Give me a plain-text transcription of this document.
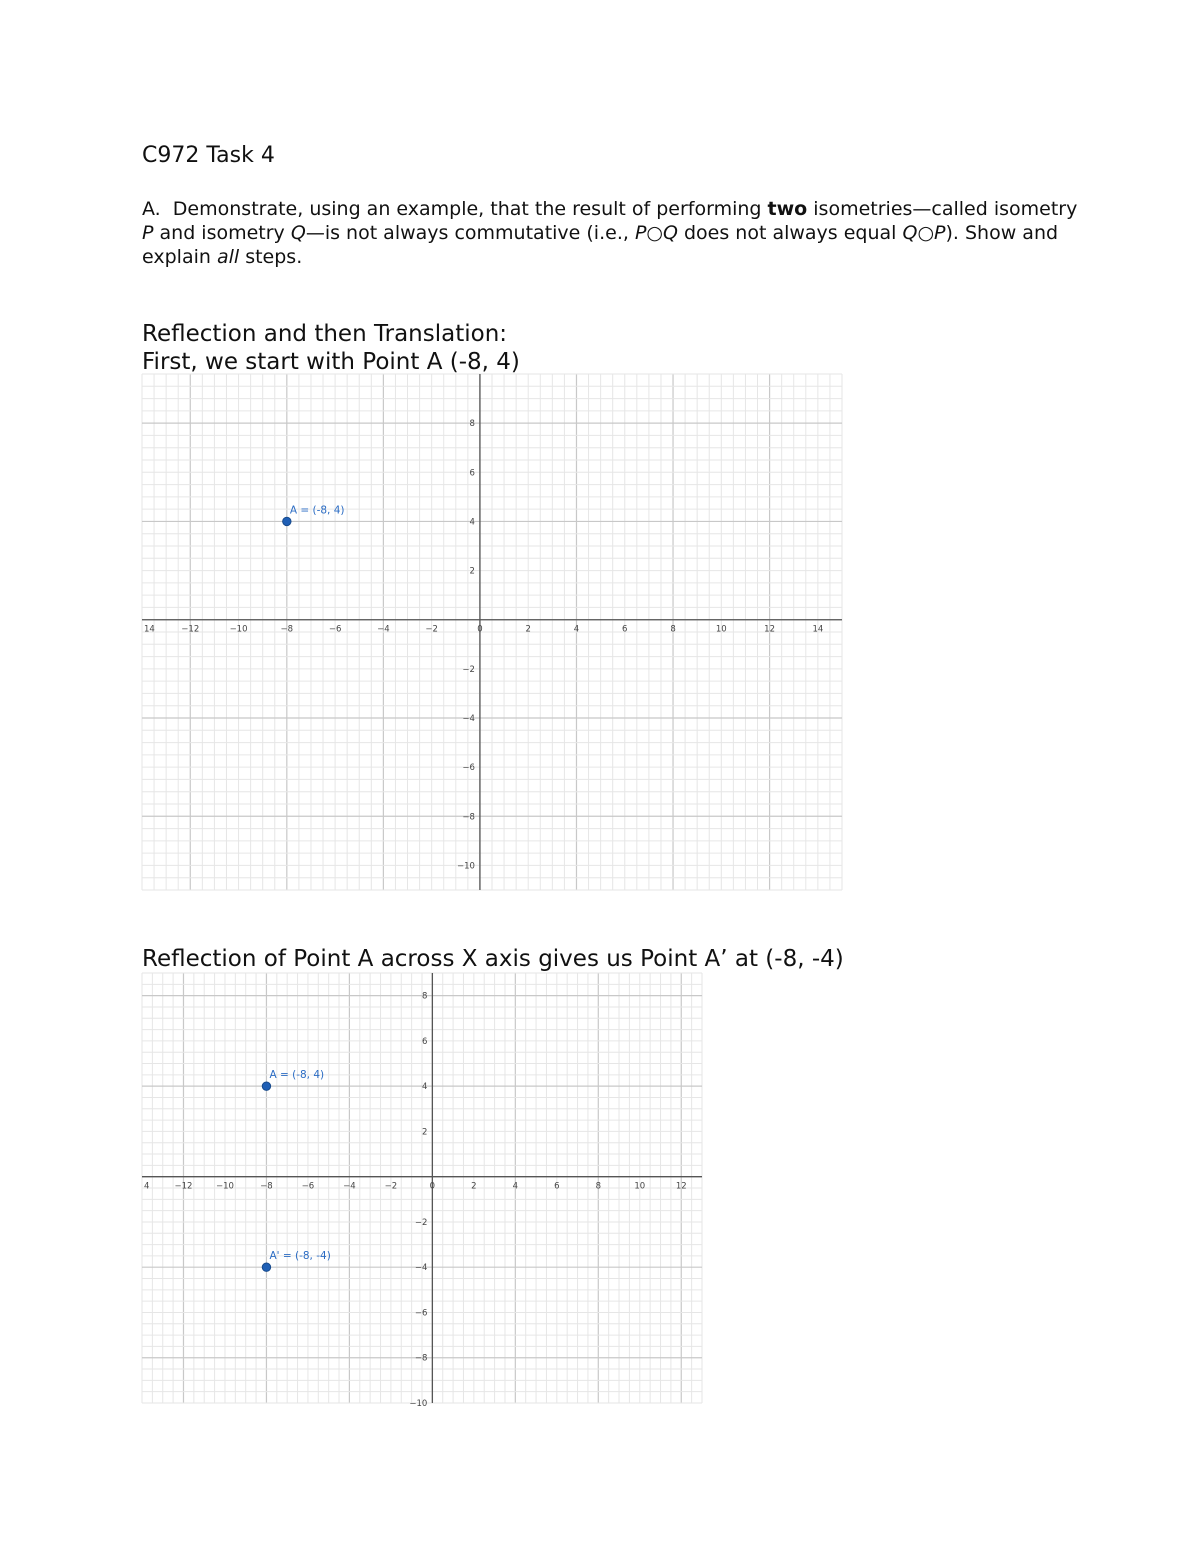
C972 Task 4
A. Demonstrate, using an example, that the result of performing two isometries—called isometry P and isometry Q—is not always commutative (i.e., P○Q does not always equal Q○P). Show and explain all steps.
Reflection and then Translation:
First, we start with Point A (-8, 4)
14	−12	−10	−8	−6	−4	−2	0	2	4	6	8	10	12	14
8
6
4
2
−2
−4
−6
−8
−10
A = (-8, 4)
Reflection of Point A across X axis gives us Point A’ at (-8, -4)
4	−12	−10	−8	−6	−4	−2	0	2	4	6	8	10	12
8
6
4
2
−2
−4
−6
−8
−10
A = (-8, 4)
A' = (-8, -4)
